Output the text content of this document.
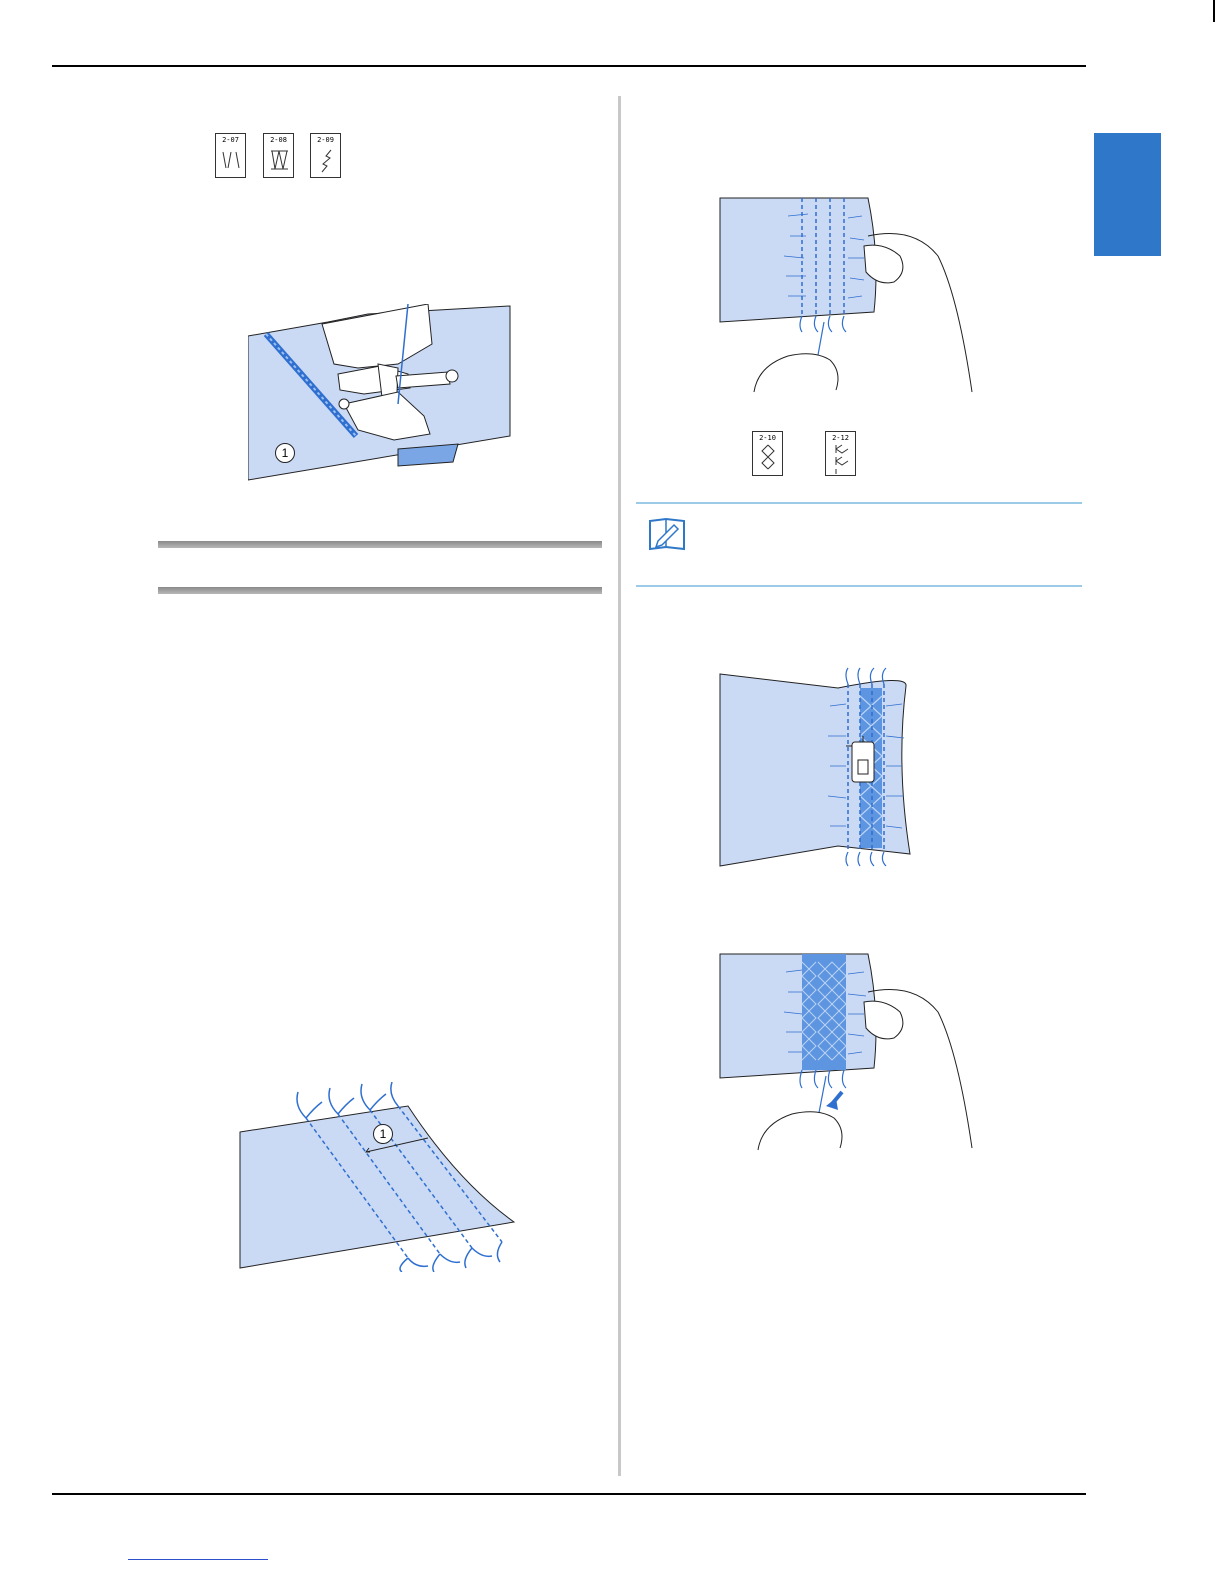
2-07	2-08	2-09
1
1
2-10	2-12
